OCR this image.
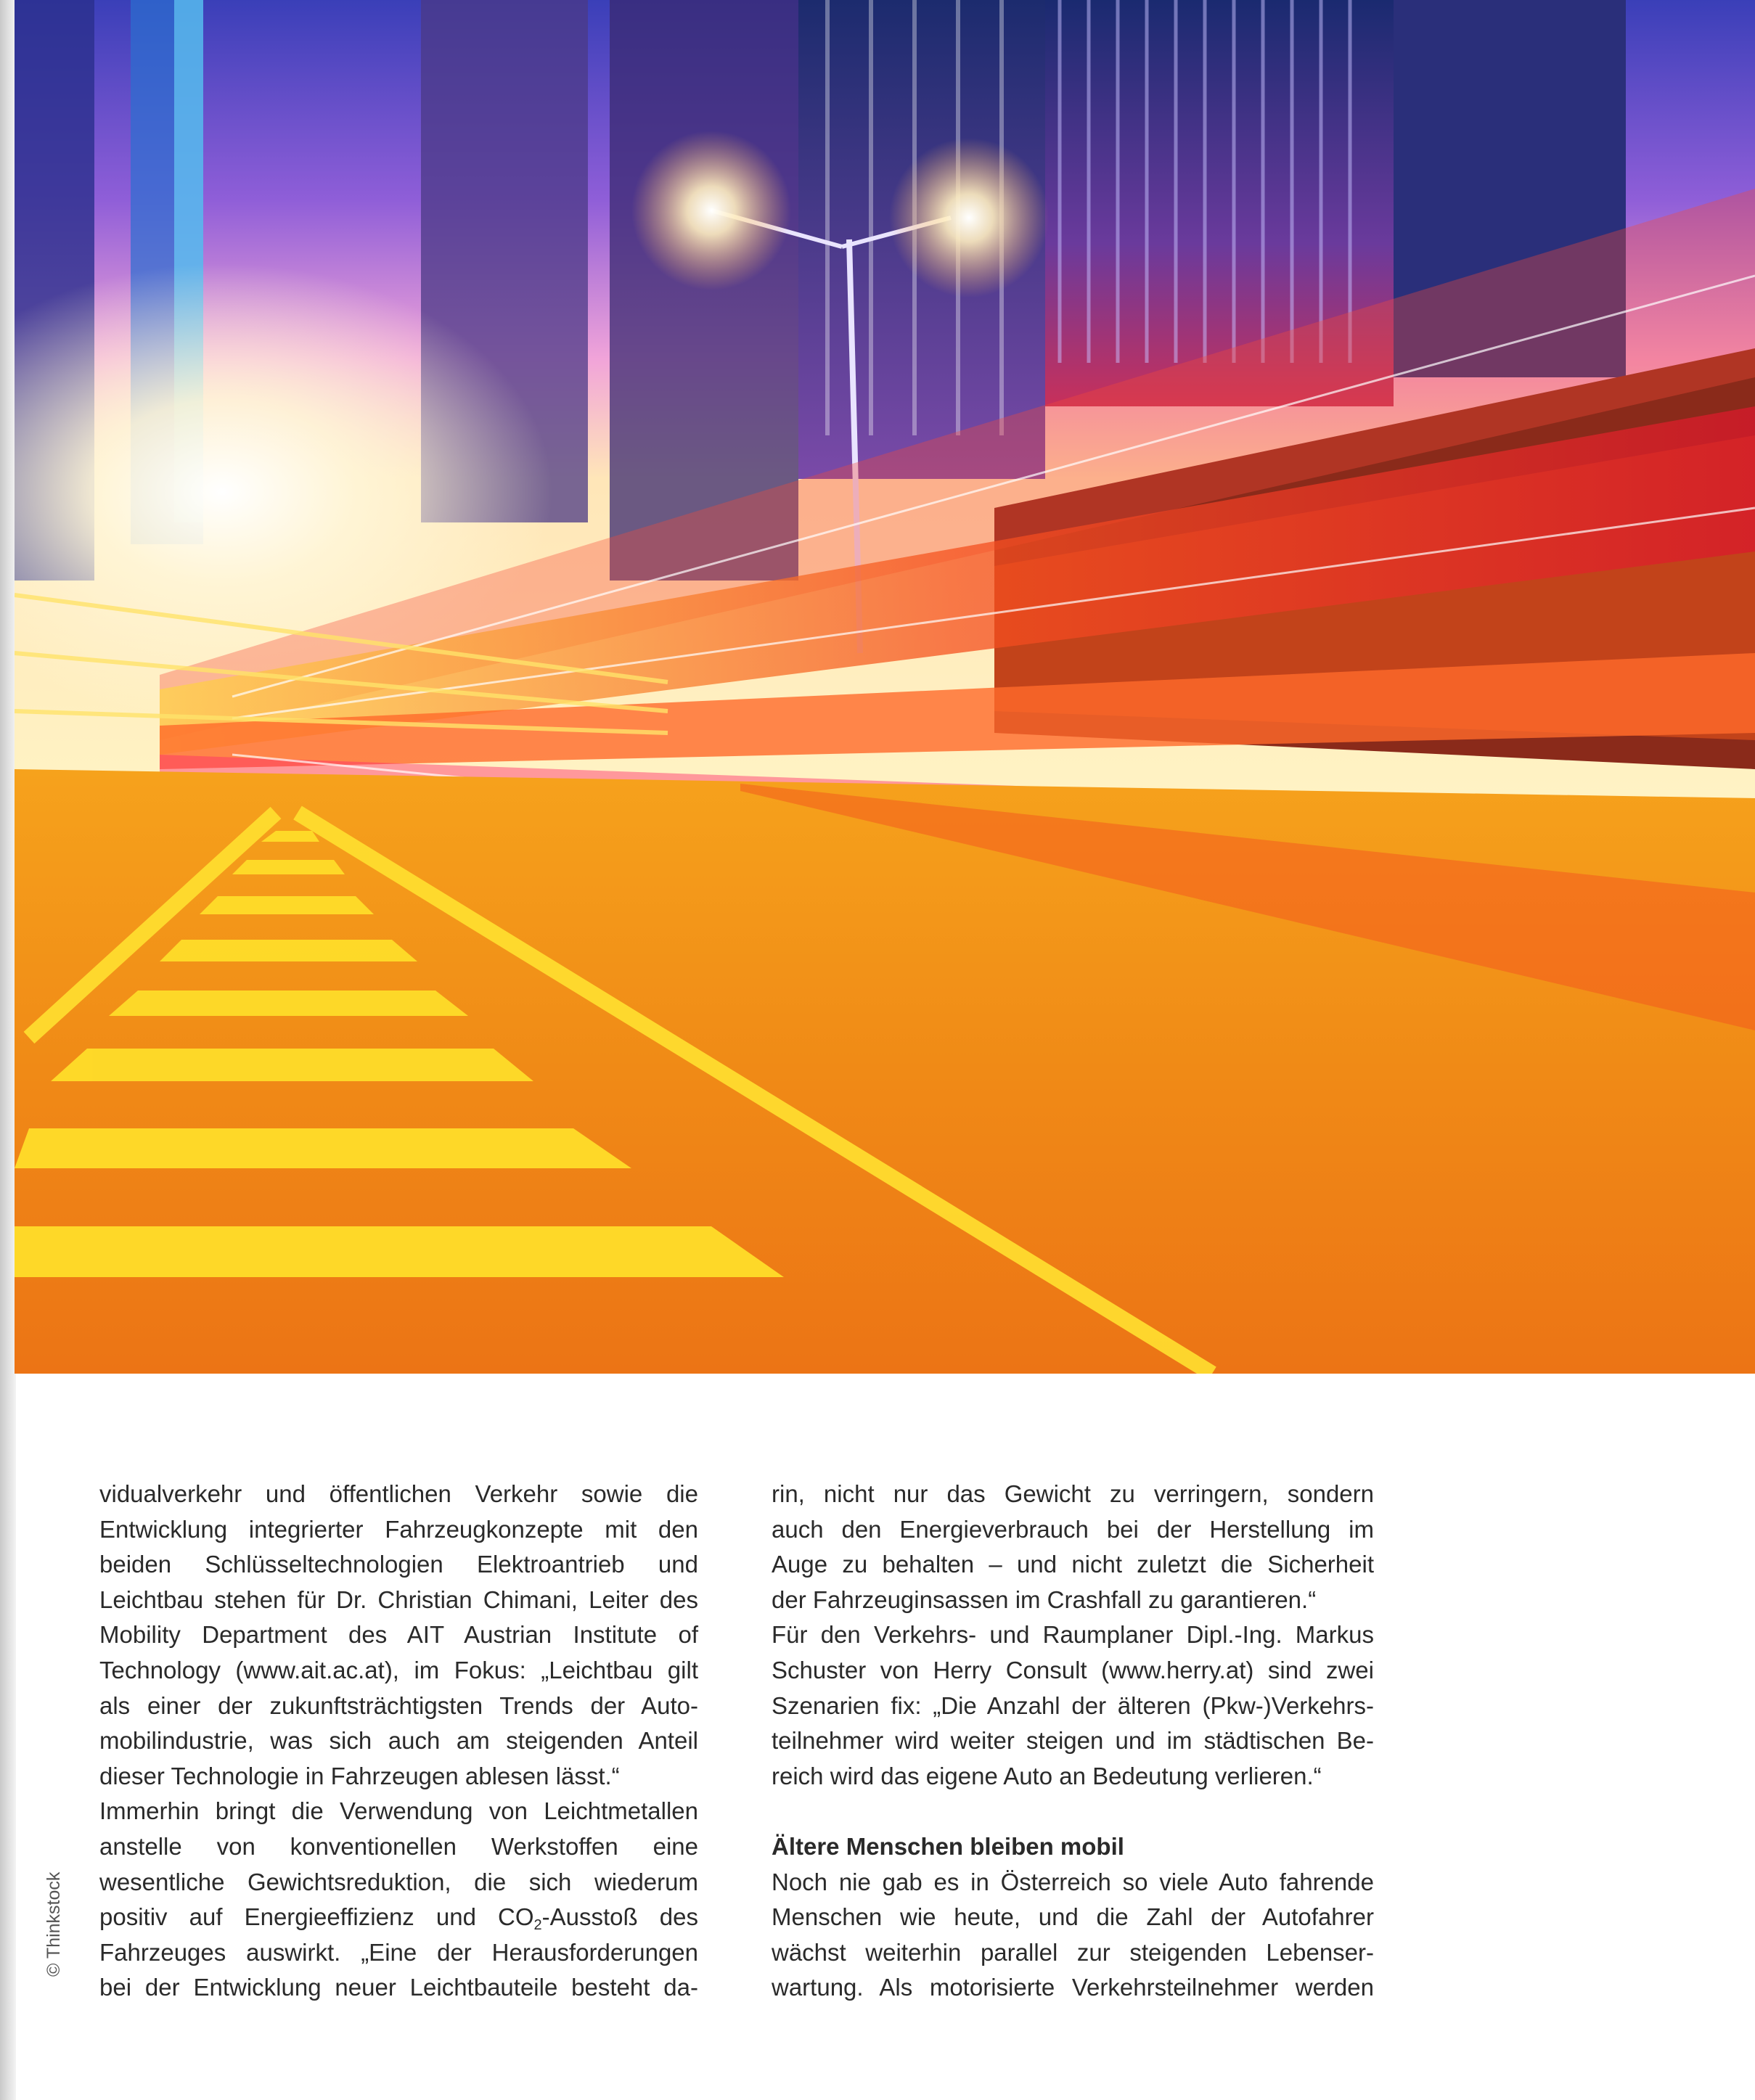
© Thinkstock
vidualverkehr und öffentlichen Verkehr sowie die
Entwicklung integrierter Fahrzeugkonzepte mit den
beiden Schlüsseltechnologien Elektroantrieb und
Leichtbau stehen für Dr. Christian Chimani, Leiter des
Mobility Department des AIT Austrian Institute of
Technology (www.ait.ac.at), im Fokus: „Leichtbau gilt
als einer der zukunftsträchtigsten Trends der Auto-
mobilindustrie, was sich auch am steigenden Anteil
dieser Technologie in Fahrzeugen ablesen lässt.“
Immerhin bringt die Verwendung von Leichtmetallen
anstelle von konventionellen Werkstoffen eine
wesentliche Gewichtsreduktion, die sich wiederum
positiv auf Energieeffizienz und $CO_2$-Ausstoß des
Fahrzeuges auswirkt. „Eine der Herausforderungen
bei der Entwicklung neuer Leichtbauteile besteht da-
rin, nicht nur das Gewicht zu verringern, sondern
auch den Energieverbrauch bei der Herstellung im
Auge zu behalten – und nicht zuletzt die Sicherheit
der Fahrzeuginsassen im Crashfall zu garantieren.“
Für den Verkehrs- und Raumplaner Dipl.-Ing. Markus
Schuster von Herry Consult (www.herry.at) sind zwei
Szenarien fix: „Die Anzahl der älteren (Pkw-)Verkehrs-
teilnehmer wird weiter steigen und im städtischen Be-
reich wird das eigene Auto an Bedeutung verlieren.“
Ältere Menschen bleiben mobil
Noch nie gab es in Österreich so viele Auto fahrende
Menschen wie heute, und die Zahl der Autofahrer
wächst weiterhin parallel zur steigenden Lebenser-
wartung. Als motorisierte Verkehrsteilnehmer werden
